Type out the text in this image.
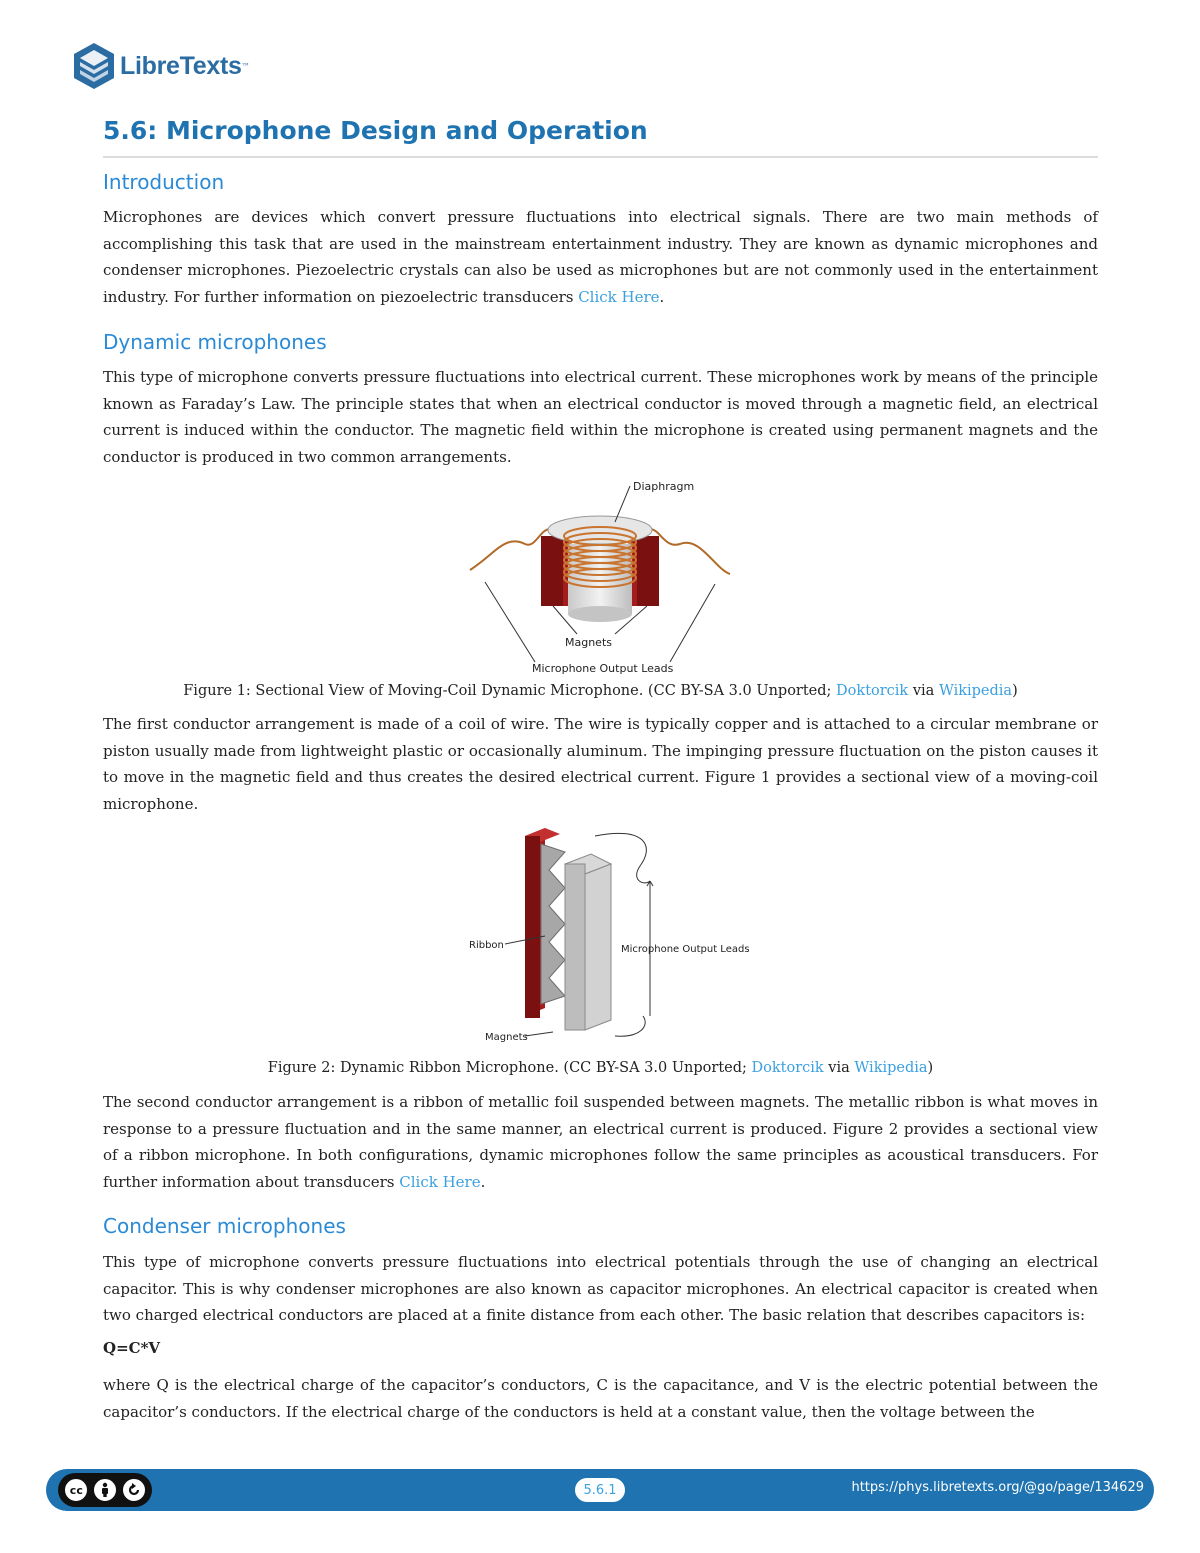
LibreTexts ™
5.6: Microphone Design and Operation
Introduction

Microphones are devices which convert pressure fluctuations into electrical signals. There are two main methods of accomplishing this task that are used in the mainstream entertainment industry. They are known as dynamic microphones and condenser microphones. Piezoelectric crystals can also be used as microphones but are not commonly used in the entertainment industry. For further information on piezoelectric transducers Click Here.

Dynamic microphones

This type of microphone converts pressure fluctuations into electrical current. These microphones work by means of the principle known as Faraday’s Law. The principle states that when an electrical conductor is moved through a magnetic field, an electrical current is induced within the conductor. The magnetic field within the microphone is created using permanent magnets and the conductor is produced in two common arrangements.

Diaphragm
Magnets
Microphone Output Leads

Figure 1: Sectional View of Moving-Coil Dynamic Microphone. (CC BY-SA 3.0 Unported; Doktorcik via Wikipedia)

The first conductor arrangement is made of a coil of wire. The wire is typically copper and is attached to a circular membrane or piston usually made from lightweight plastic or occasionally aluminum. The impinging pressure fluctuation on the piston causes it to move in the magnetic field and thus creates the desired electrical current. Figure 1 provides a sectional view of a moving-coil microphone.

Ribbon	Microphone Output Leads
Magnets

Figure 2: Dynamic Ribbon Microphone. (CC BY-SA 3.0 Unported; Doktorcik via Wikipedia)

The second conductor arrangement is a ribbon of metallic foil suspended between magnets. The metallic ribbon is what moves in response to a pressure fluctuation and in the same manner, an electrical current is produced. Figure 2 provides a sectional view of a ribbon microphone. In both configurations, dynamic microphones follow the same principles as acoustical transducers. For further information about transducers Click Here.

Condenser microphones

This type of microphone converts pressure fluctuations into electrical potentials through the use of changing an electrical capacitor. This is why condenser microphones are also known as capacitor microphones. An electrical capacitor is created when two charged electrical conductors are placed at a finite distance from each other. The basic relation that describes capacitors is:

Q=C*V

where Q is the electrical charge of the capacitor’s conductors, C is the capacitance, and V is the electric potential between the capacitor’s conductors. If the electrical charge of the conductors is held at a constant value, then the voltage between the

cc	5.6.1	https://phys.libretexts.org/@go/page/134629
